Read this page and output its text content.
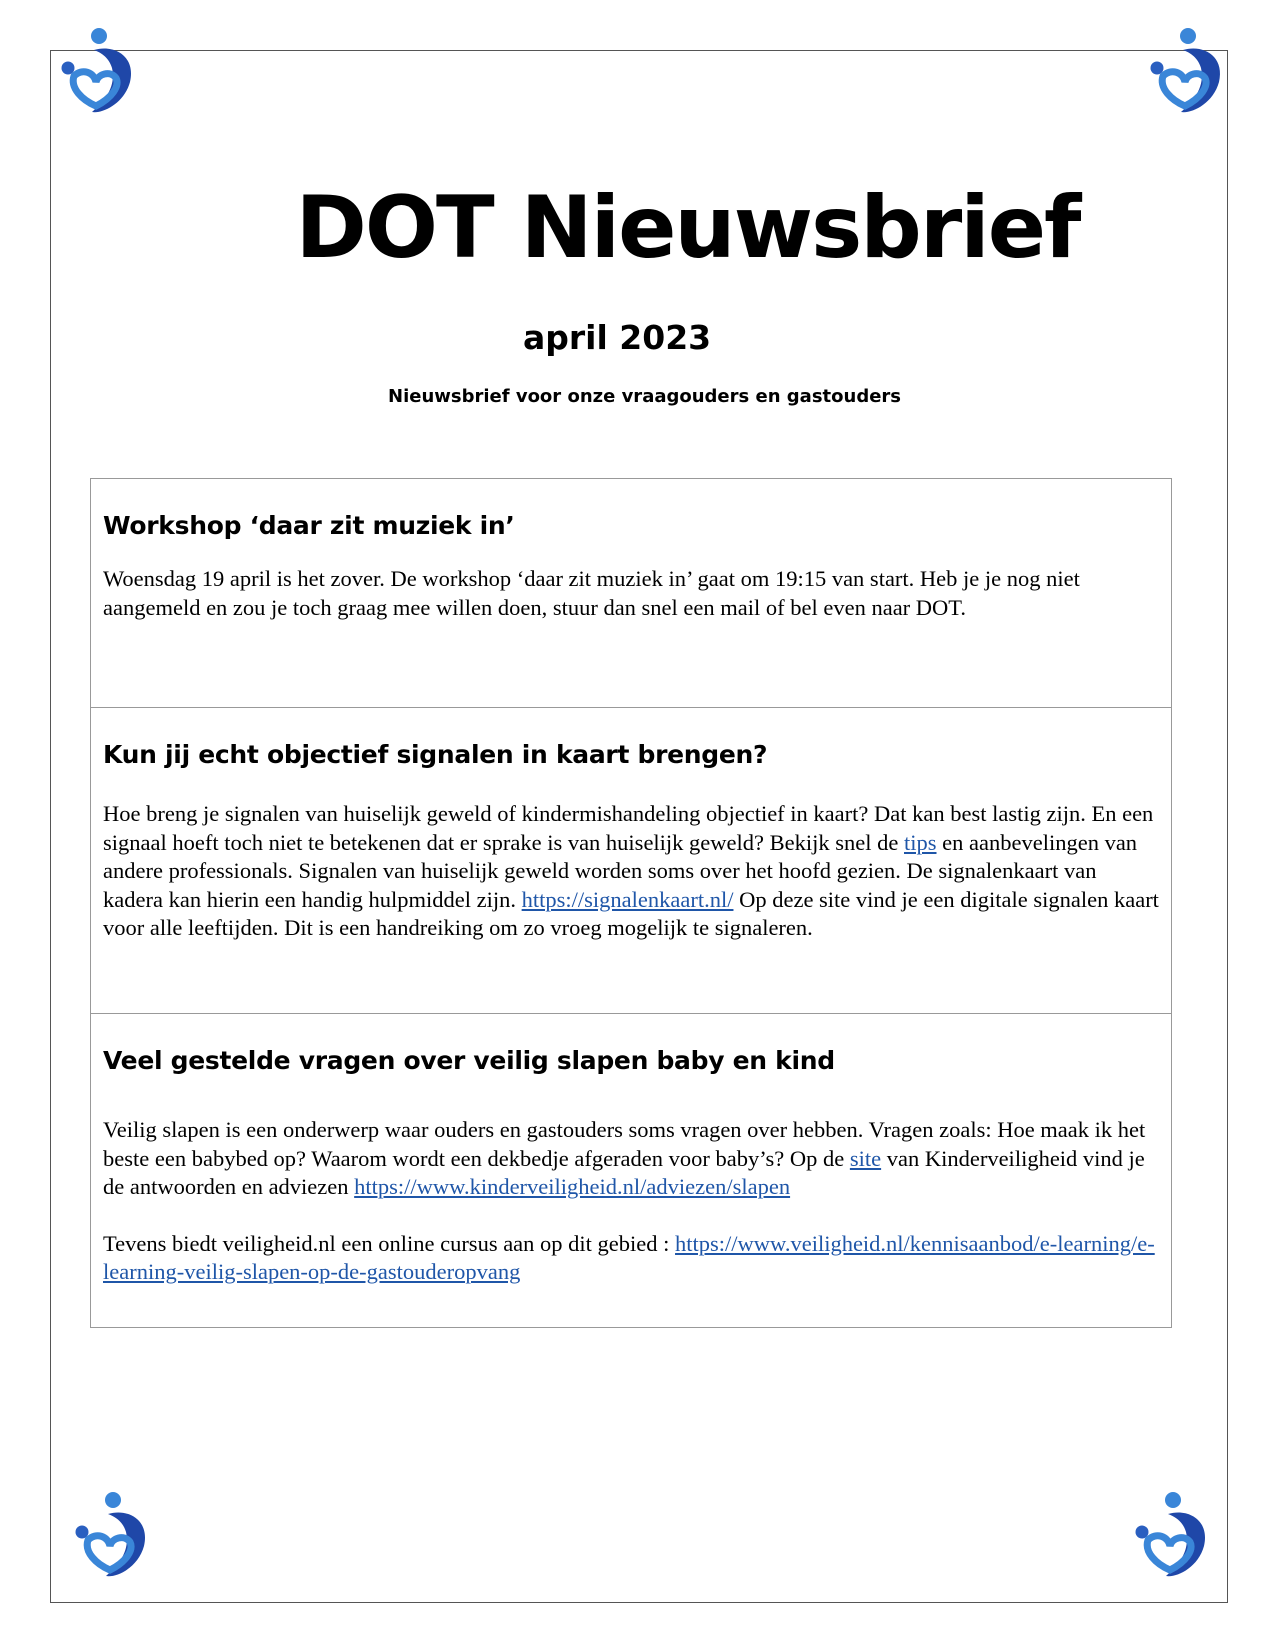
DOT Nieuwsbrief
april 2023
Nieuwsbrief voor onze vraagouders en gastouders
Workshop ‘daar zit muziek in’

Woensdag 19 april is het zover. De workshop ‘daar zit muziek in’ gaat om 19:15 van start. Heb je je nog niet aangemeld en zou je toch graag mee willen doen, stuur dan snel een mail of bel even naar DOT.

Kun jij echt objectief signalen in kaart brengen?

Hoe breng je signalen van huiselijk geweld of kindermishandeling objectief in kaart? Dat kan best lastig zijn. En een signaal hoeft toch niet te betekenen dat er sprake is van huiselijk geweld? Bekijk snel de tips en aanbevelingen van andere professionals. Signalen van huiselijk geweld worden soms over het hoofd gezien. De signalenkaart van kadera kan hierin een handig hulpmiddel zijn. https://signalenkaart.nl/ Op deze site vind je een digitale signalen kaart voor alle leeftijden. Dit is een handreiking om zo vroeg mogelijk te signaleren.

Veel gestelde vragen over veilig slapen baby en kind

Veilig slapen is een onderwerp waar ouders en gastouders soms vragen over hebben. Vragen zoals: Hoe maak ik het beste een babybed op? Waarom wordt een dekbedje afgeraden voor baby’s? Op de site van Kinderveiligheid vind je de antwoorden en adviezen https://www.kinderveiligheid.nl/adviezen/slapen

Tevens biedt veiligheid.nl een online cursus aan op dit gebied : https://www.veiligheid.nl/kennisaanbod/e-learning/e-learning-veilig-slapen-op-de-gastouderopvang
